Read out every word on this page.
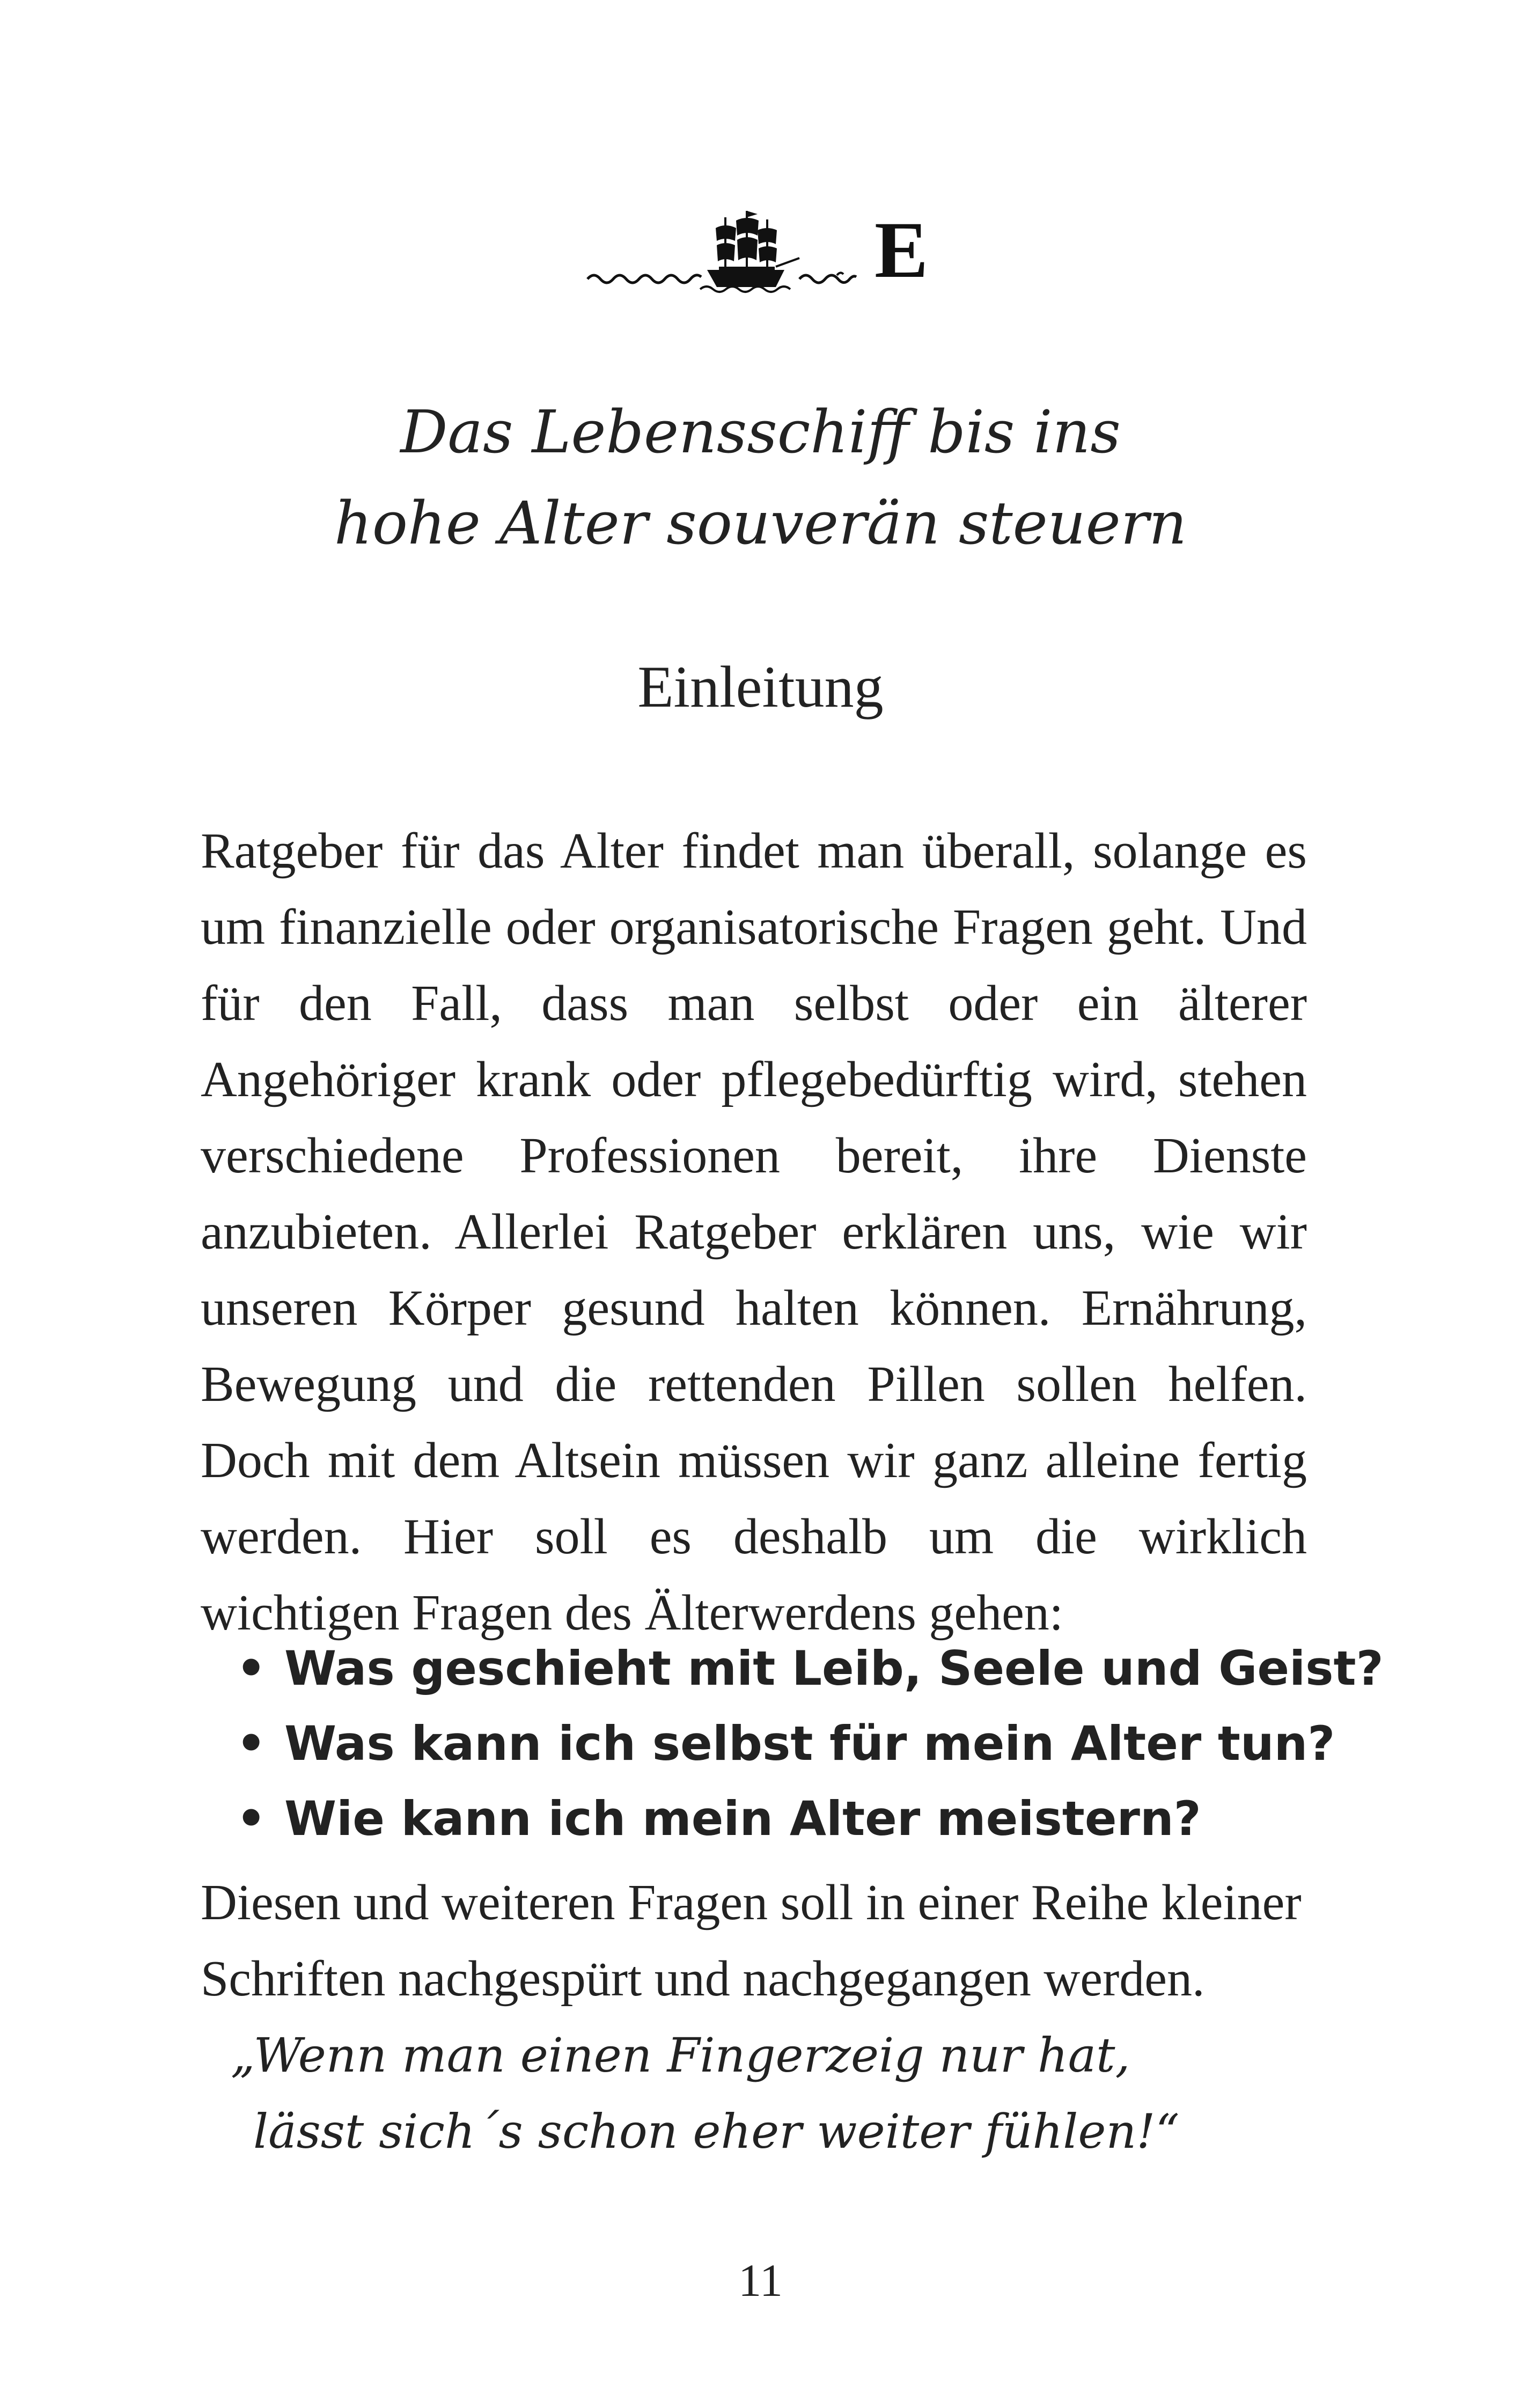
E
Das Lebensschiff bis ins
hohe Alter souverän steuern
Einleitung

Ratgeber für das Alter findet man überall, solange es um finanzielle oder organisatorische Fragen geht. Und für den Fall, dass man selbst oder ein älterer Angehöriger krank oder pflegebedürftig wird, stehen verschiedene Professionen bereit, ihre Dienste anzubieten. Allerlei Ratgeber erklären uns, wie wir unseren Körper gesund halten können. Ernährung, Bewegung und die rettenden Pillen sollen helfen. Doch mit dem Altsein müssen wir ganz alleine fertig werden. Hier soll es deshalb um die wirklich wichtigen Fragen des Älterwerdens gehen:

• Was geschieht mit Leib, Seele und Geist?
• Was kann ich selbst für mein Alter tun?
• Wie kann ich mein Alter meistern?
Diesen und weiteren Fragen soll in einer Reihe kleiner Schriften nachgespürt und nachgegangen werden.
„Wenn man einen Fingerzeig nur hat,
lässt sich´s schon eher weiter fühlen!“
11
